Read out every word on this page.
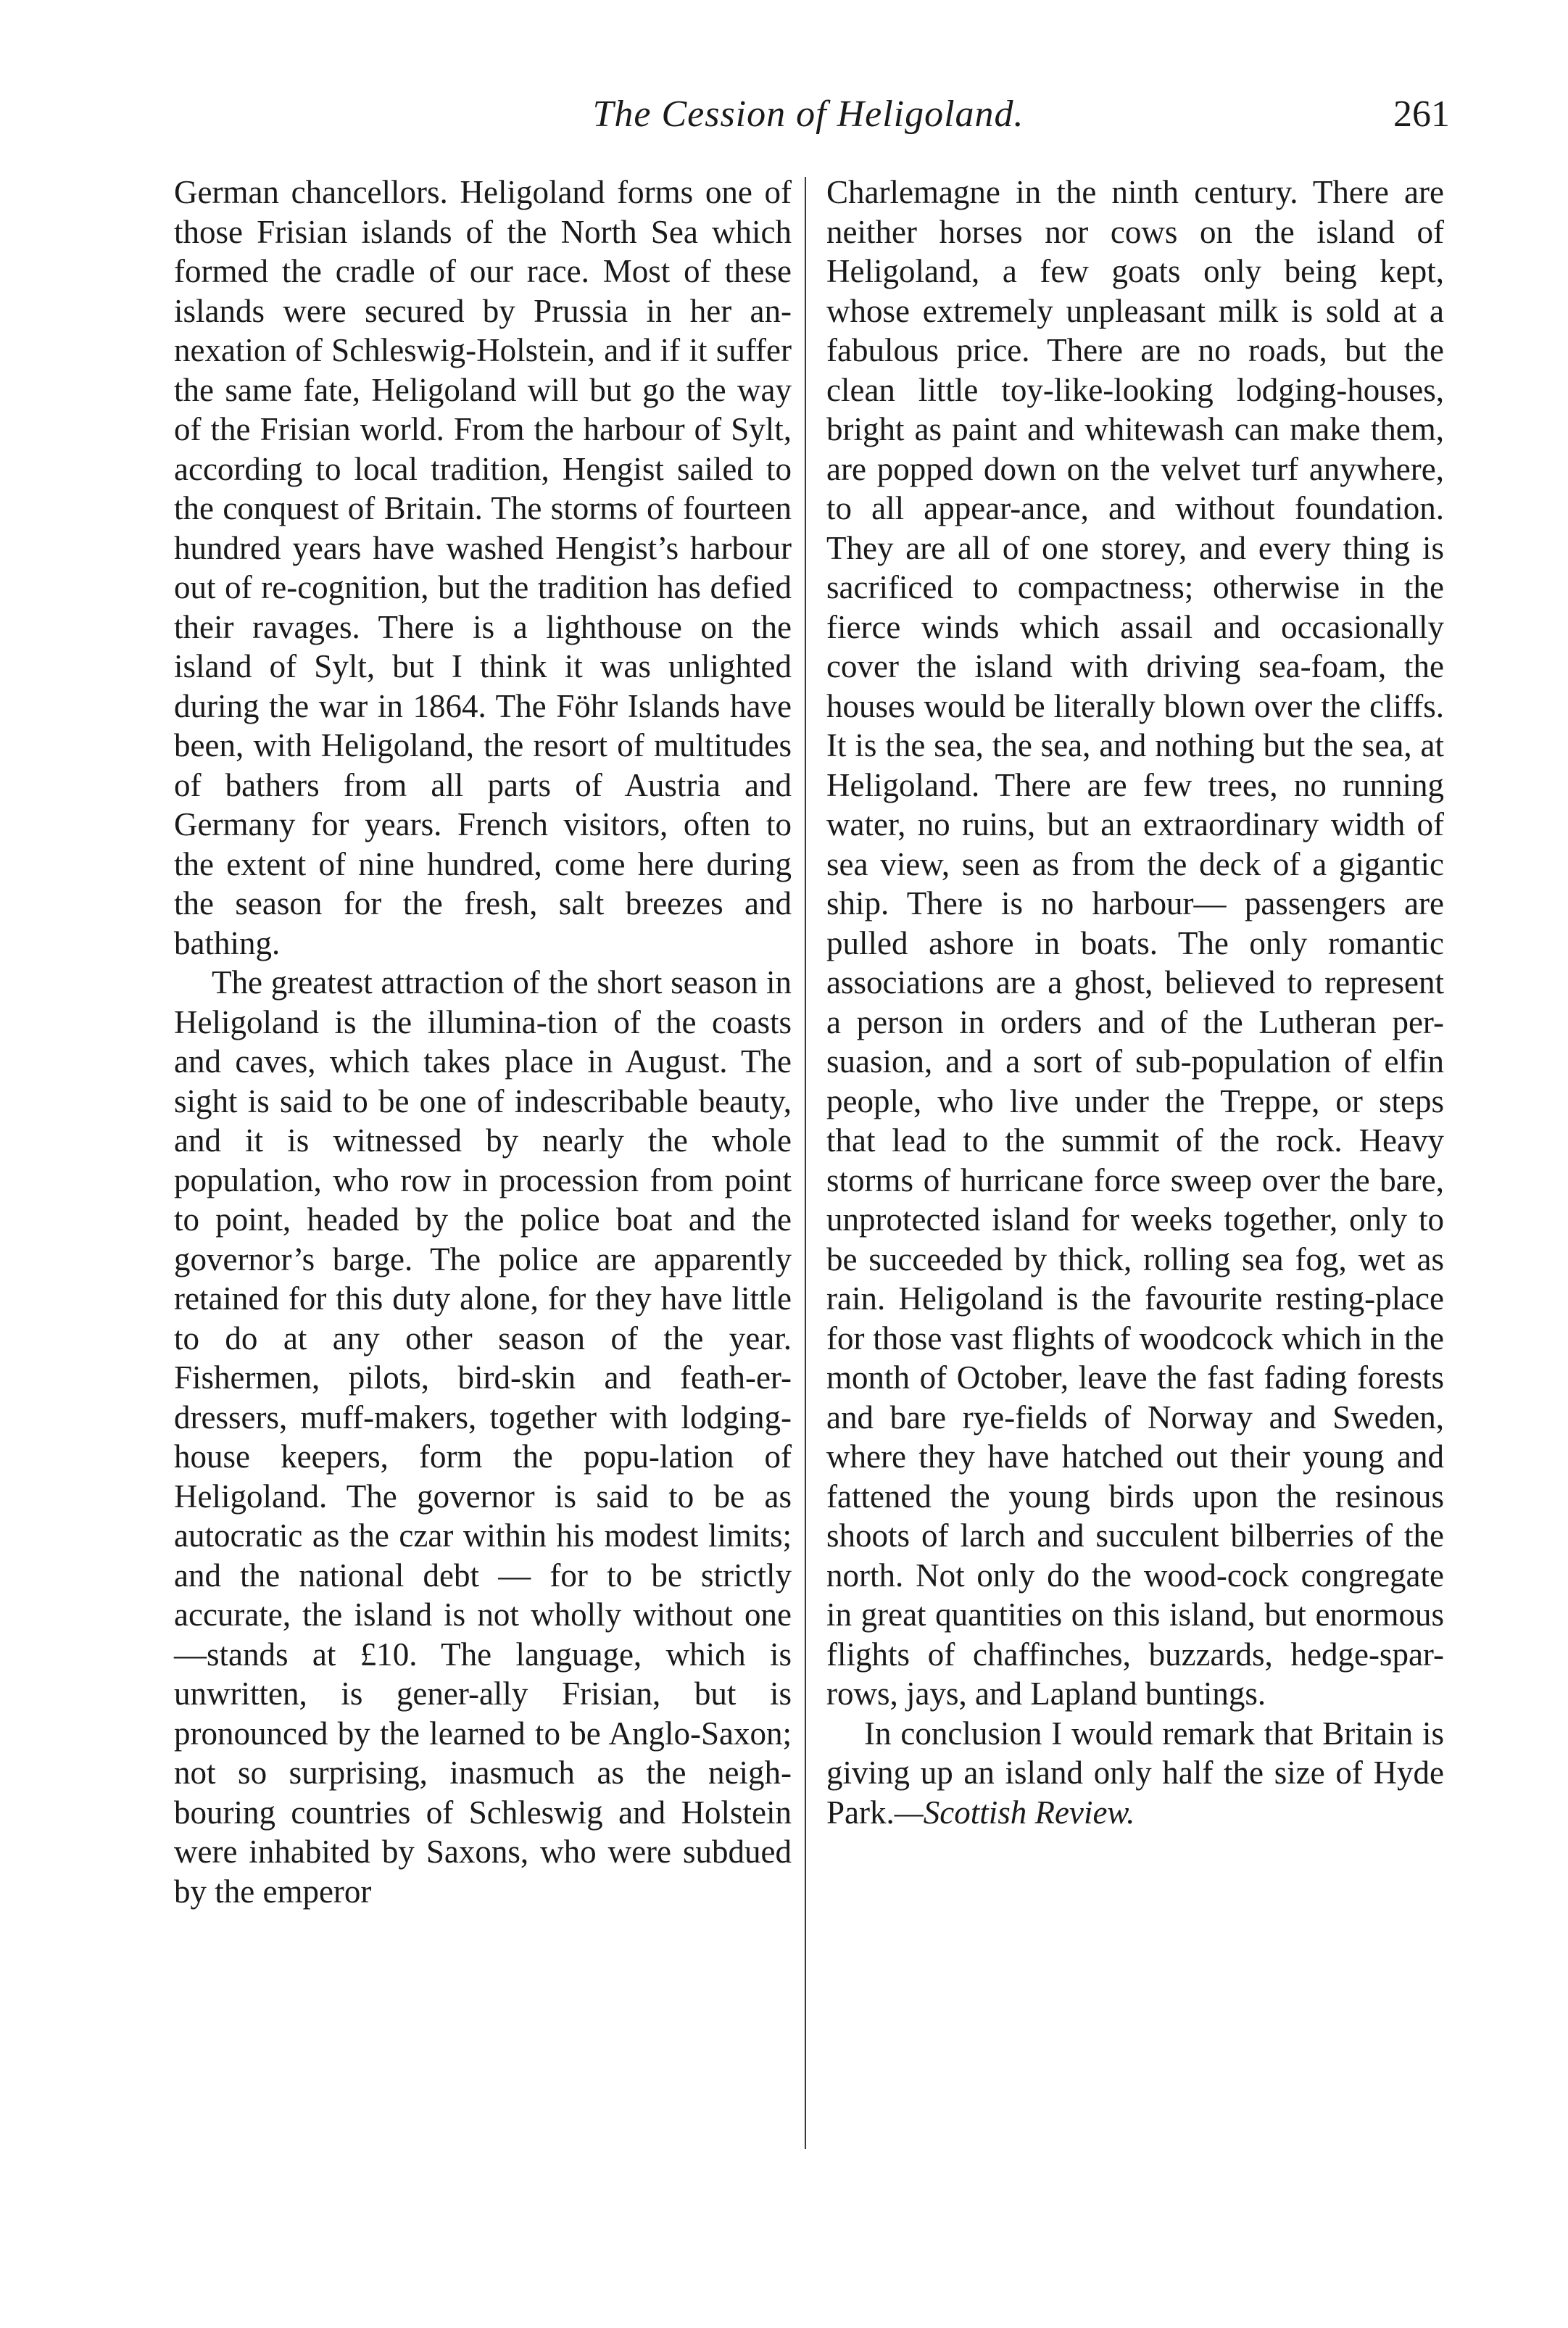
The Cession of Heligoland.	261

German chancellors. Heligoland forms one of those Frisian islands of the North Sea which formed the cradle of our race. Most of these islands were secured by Prussia in her an-nexation of Schleswig-Holstein, and if it suffer the same fate, Heligoland will but go the way of the Frisian world. From the harbour of Sylt, according to local tradition, Hengist sailed to the conquest of Britain. The storms of fourteen hundred years have washed Hengist’s harbour out of re-cognition, but the tradition has defied their ravages. There is a lighthouse on the island of Sylt, but I think it was unlighted during the war in 1864. The Föhr Islands have been, with Heligoland, the resort of multitudes of bathers from all parts of Austria and Germany for years. French visitors, often to the extent of nine hundred, come here during the season for the fresh, salt breezes and bathing.

The greatest attraction of the short season in Heligoland is the illumina-tion of the coasts and caves, which takes place in August. The sight is said to be one of indescribable beauty, and it is witnessed by nearly the whole population, who row in procession from point to point, headed by the police boat and the governor’s barge. The police are apparently retained for this duty alone, for they have little to do at any other season of the year. Fishermen, pilots, bird-skin and feath-er-dressers, muff-makers, together with lodging-house keepers, form the popu-lation of Heligoland. The governor is said to be as autocratic as the czar within his modest limits; and the national debt — for to be strictly accurate, the island is not wholly without one—stands at £10. The language, which is unwritten, is gener-ally Frisian, but is pronounced by the learned to be Anglo-Saxon; not so surprising, inasmuch as the neigh-bouring countries of Schleswig and Holstein were inhabited by Saxons, who were subdued by the emperor

Charlemagne in the ninth century. There are neither horses nor cows on the island of Heligoland, a few goats only being kept, whose extremely unpleasant milk is sold at a fabulous price. There are no roads, but the clean little toy-like-looking lodging-houses, bright as paint and whitewash can make them, are popped down on the velvet turf anywhere, to all appear-ance, and without foundation. They are all of one storey, and every thing is sacrificed to compactness; otherwise in the fierce winds which assail and occasionally cover the island with driving sea-foam, the houses would be literally blown over the cliffs. It is the sea, the sea, and nothing but the sea, at Heligoland. There are few trees, no running water, no ruins, but an extraordinary width of sea view, seen as from the deck of a gigantic ship. There is no harbour— passengers are pulled ashore in boats. The only romantic associations are a ghost, believed to represent a person in orders and of the Lutheran per-suasion, and a sort of sub-population of elfin people, who live under the Treppe, or steps that lead to the summit of the rock. Heavy storms of hurricane force sweep over the bare, unprotected island for weeks together, only to be succeeded by thick, rolling sea fog, wet as rain. Heligoland is the favourite resting-place for those vast flights of woodcock which in the month of October, leave the fast fading forests and bare rye-fields of Norway and Sweden, where they have hatched out their young and fattened the young birds upon the resinous shoots of larch and succulent bilberries of the north. Not only do the wood-cock congregate in great quantities on this island, but enormous flights of chaffinches, buzzards, hedge-spar-rows, jays, and Lapland buntings.

In conclusion I would remark that Britain is giving up an island only half the size of Hyde Park.—Scottish Review.
